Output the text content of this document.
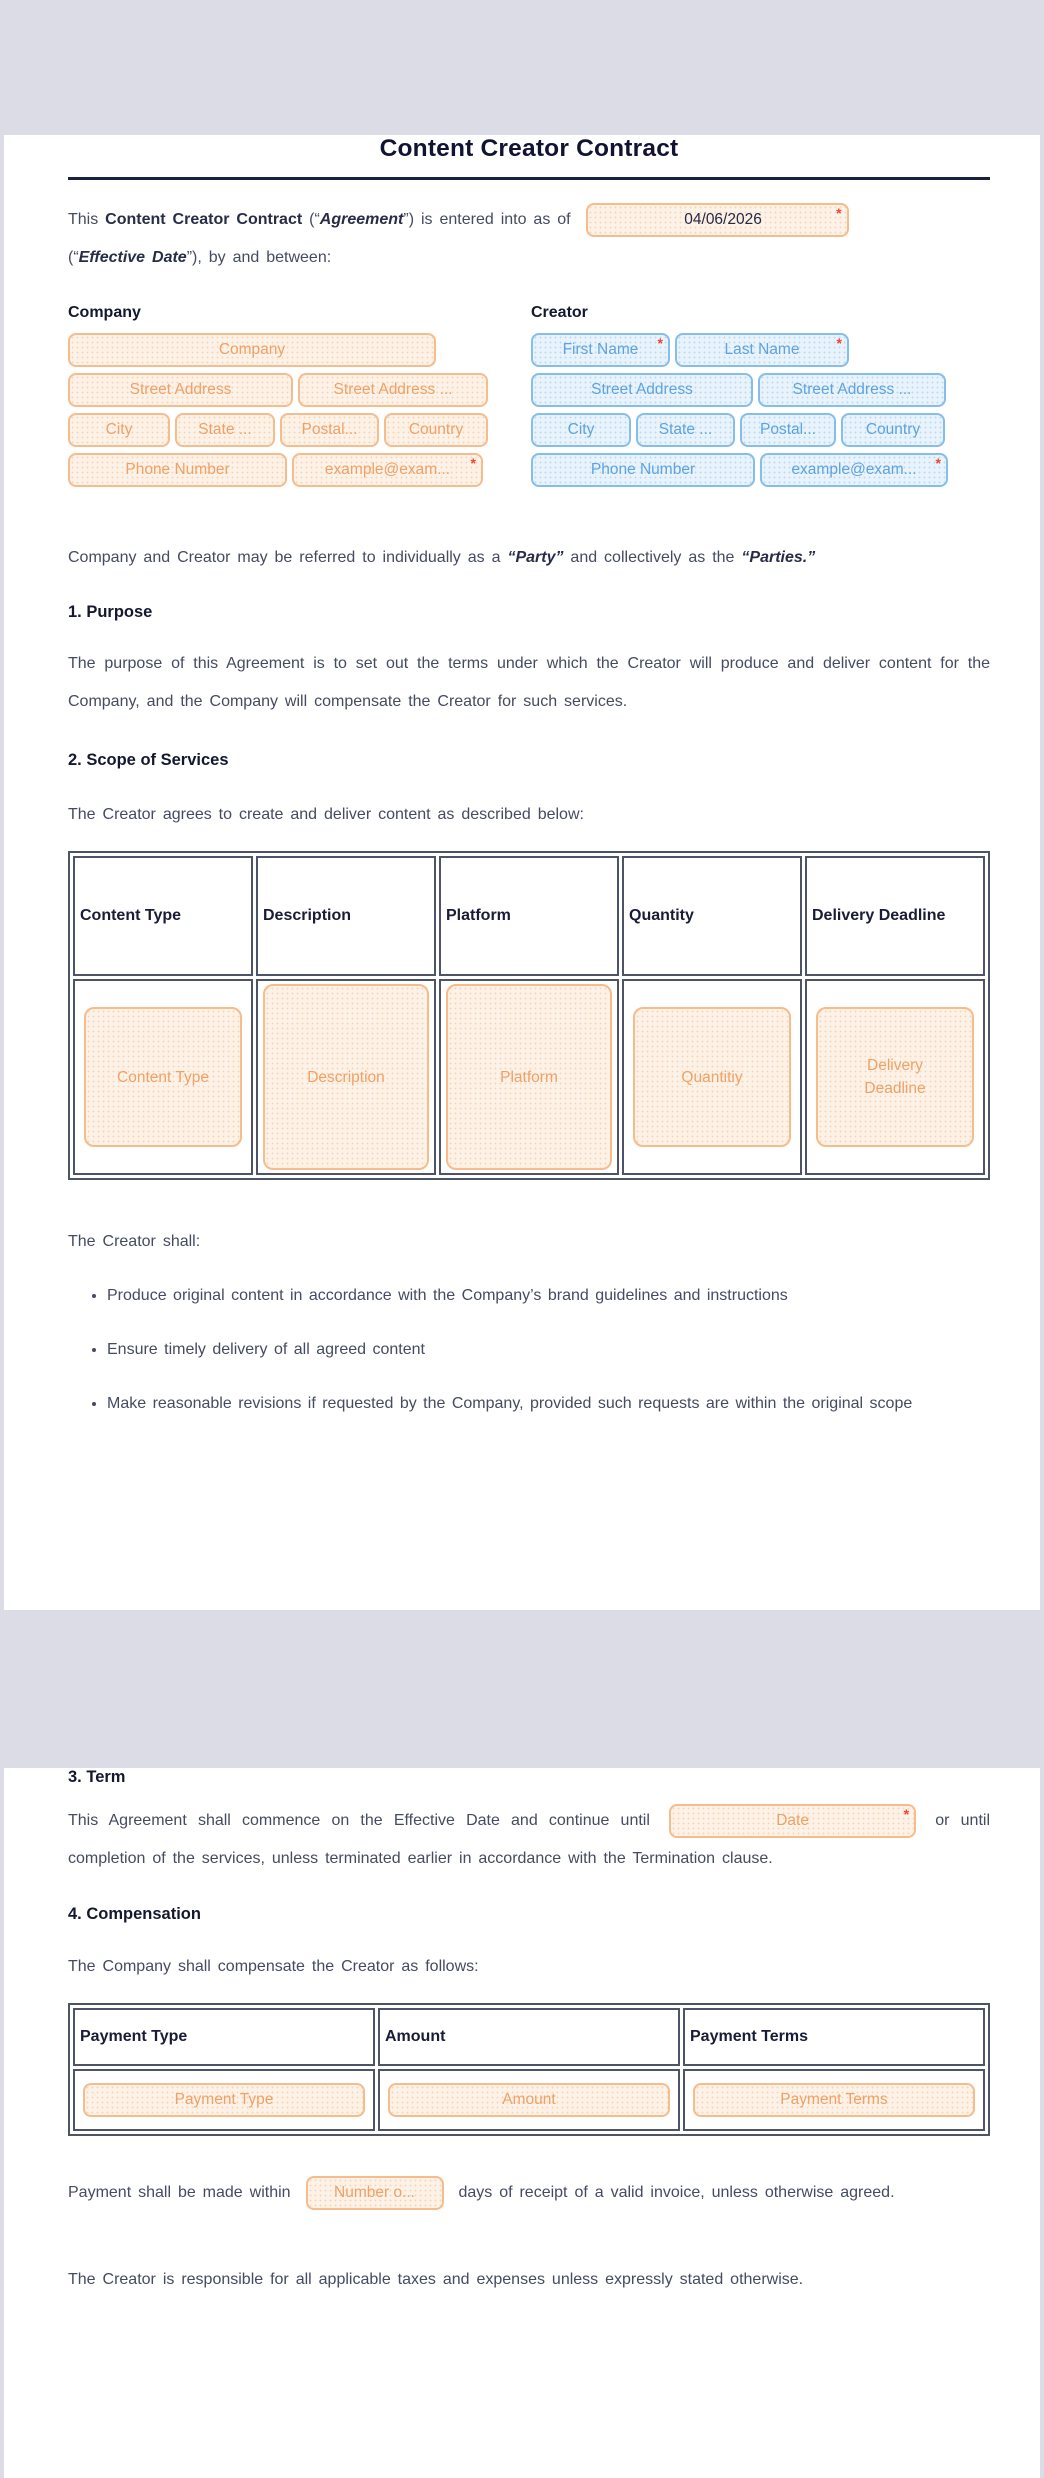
Content Creator Contract

This Content Creator Contract (“Agreement”) is entered into as of
04/06/2026	*

(“Effective Date”), by and between:

Company
Company
Street Address
Street Address ...
City
State ...
Postal...
Country
Phone Number
example@exam...
*
Creator
First Name
*
Last Name	*
Street Address
Street Address ...
City
State ...
Postal...
Country
Phone Number
example@exam...
*

Company and Creator may be referred to individually as a “Party” and collectively as the “Parties.”

1. Purpose

The purpose of this Agreement is to set out the terms under which the Creator will produce and deliver content for the Company, and the Company will compensate the Creator for such services.

2. Scope of Services

The Creator agrees to create and deliver content as described below:

Content Type	Description	Platform	Quantity	Delivery Deadline

Content Type	Description	Platform	Quantitiy	Delivery Deadline

The Creator shall:

• Produce original content in accordance with the Company’s brand guidelines and instructions
• Ensure timely delivery of all agreed content
• Make reasonable revisions if requested by the Company, provided such requests are within the original scope
3. Term

This Agreement shall commence on the Effective Date and continue until
Date	* or until completion of the services, unless terminated earlier in accordance with the Termination clause.

4. Compensation

The Company shall compensate the Creator as follows:

Payment Type	Amount	Payment Terms
Payment Type	Amount	Payment Terms

Payment shall be made within
Number o...	days of receipt of a valid invoice, unless otherwise agreed.

The Creator is responsible for all applicable taxes and expenses unless expressly stated otherwise.
